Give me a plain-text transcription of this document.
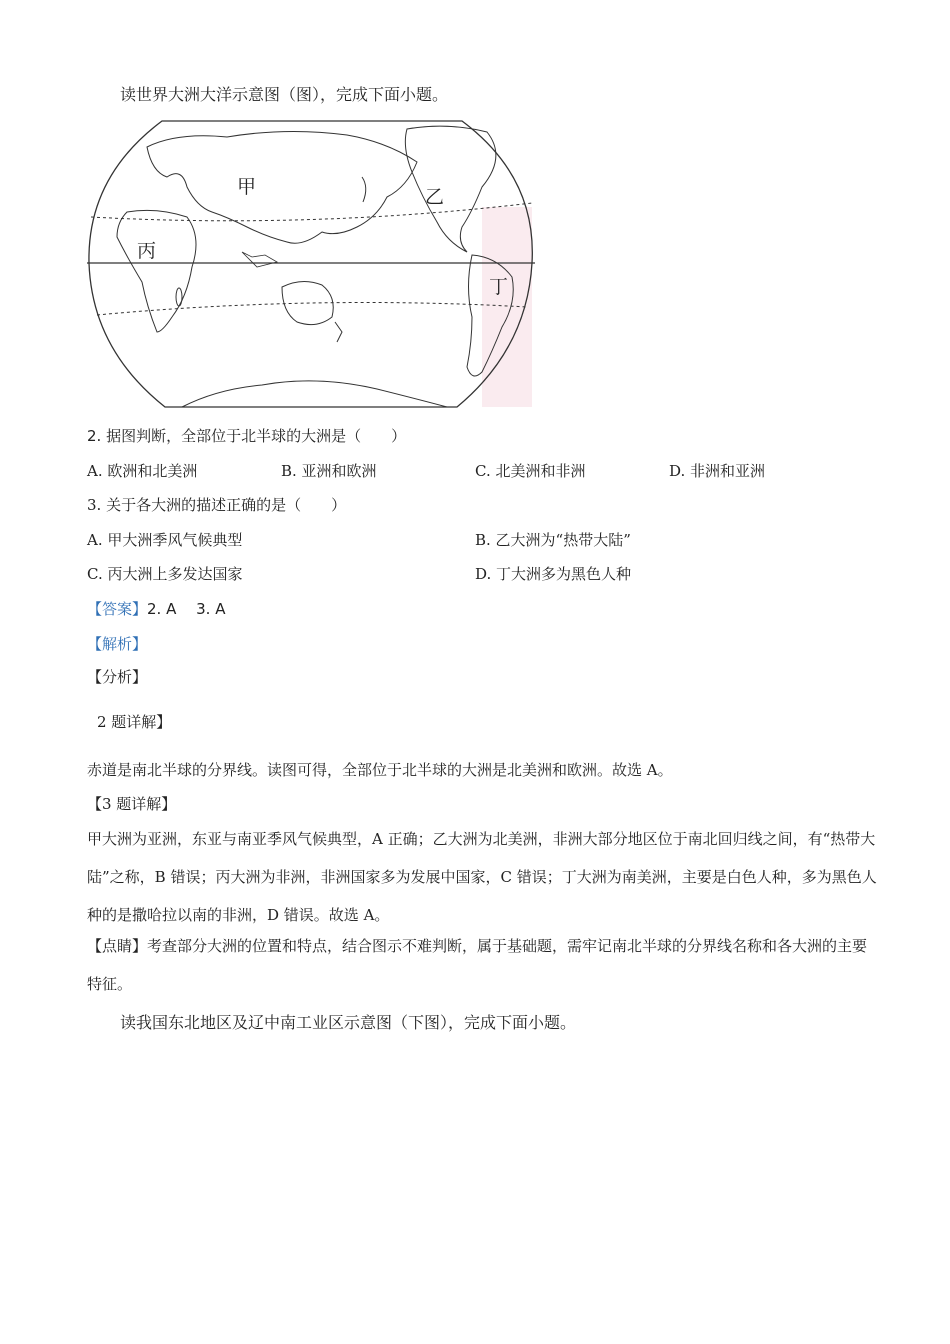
读世界大洲大洋示意图（图），完成下面小题。
甲	乙
丙
丁
2. 据图判断，全部位于北半球的大洲是（　　）
A. 欧洲和北美洲	B. 亚洲和欧洲	C. 北美洲和非洲	D. 非洲和亚洲
3. 关于各大洲的描述正确的是（　　）
A. 甲大洲季风气候典型	B. 乙大洲为“热带大陆”
C. 丙大洲上多发达国家	D. 丁大洲多为黑色人种
【答案】2. A　 3. A
【解析】
【分析】
2 题详解】
赤道是南北半球的分界线。读图可得，全部位于北半球的大洲是北美洲和欧洲。故选 A。
【3 题详解】
甲大洲为亚洲，东亚与南亚季风气候典型，A 正确；乙大洲为北美洲，非洲大部分地区位于南北回归线之间，有“热带大陆”之称，B 错误；丙大洲为非洲，非洲国家多为发展中国家，C 错误；丁大洲为南美洲，主要是白色人种，多为黑色人种的是撒哈拉以南的非洲，D 错误。故选 A。
【点睛】考查部分大洲的位置和特点，结合图示不难判断，属于基础题，需牢记南北半球的分界线名称和各大洲的主要特征。
读我国东北地区及辽中南工业区示意图（下图），完成下面小题。
